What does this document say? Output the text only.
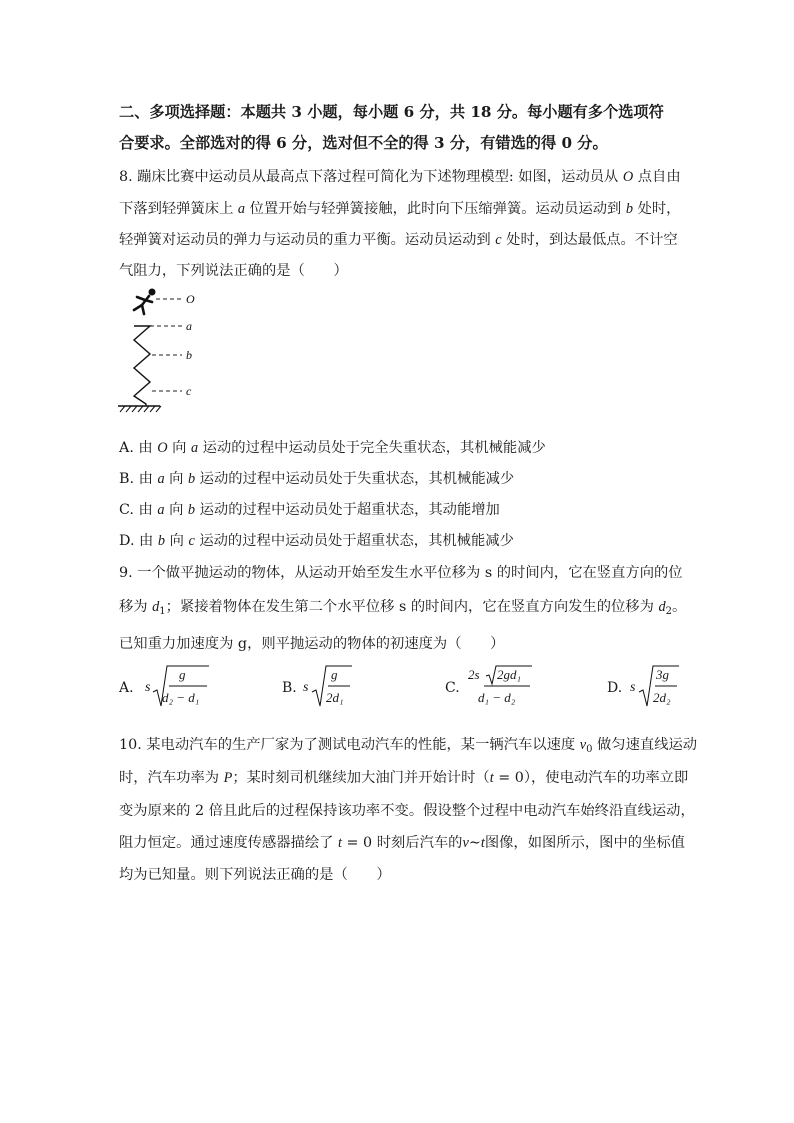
二、多项选择题：本题共 3 小题，每小题 6 分，共 18 分。每小题有多个选项符
合要求。全部选对的得 6 分，选对但不全的得 3 分，有错选的得 0 分。
8. 蹦床比赛中运动员从最高点下落过程可简化为下述物理模型: 如图，运动员从 O 点自由
下落到轻弹簧床上 a 位置开始与轻弹簧接触，此时向下压缩弹簧。运动员运动到 b 处时，
轻弹簧对运动员的弹力与运动员的重力平衡。运动员运动到 c 处时，到达最低点。不计空
气阻力，下列说法正确的是（　　）
O
a
b
c
A. 由 O 向 a 运动的过程中运动员处于完全失重状态，其机械能减少
B. 由 a 向 b 运动的过程中运动员处于失重状态，其机械能减少
C. 由 a 向 b 运动的过程中运动员处于超重状态，其动能增加
D. 由 b 向 c 运动的过程中运动员处于超重状态，其机械能减少
9. 一个做平抛运动的物体，从运动开始至发生水平位移为 s 的时间内，它在竖直方向的位
移为 $d_1$；紧接着物体在发生第二个水平位移 s 的时间内，它在竖直方向发生的位移为 $d_2$。
已知重力加速度为 g，则平抛运动的物体的初速度为（　　）
A. s
g
d₂ − d₁
B. s
g
2d₁
C.
2s 2gd₁
d₁ − d₂
D. s
3g
2d₂
10. 某电动汽车的生产厂家为了测试电动汽车的性能，某一辆汽车以速度 $v_0$ 做匀速直线运动
时，汽车功率为 P；某时刻司机继续加大油门并开始计时（t = 0），使电动汽车的功率立即
变为原来的 2 倍且此后的过程保持该功率不变。假设整个过程中电动汽车始终沿直线运动，
阻力恒定。通过速度传感器描绘了 t = 0 时刻后汽车的v∼t图像，如图所示，图中的坐标值
均为已知量。则下列说法正确的是（　　）
